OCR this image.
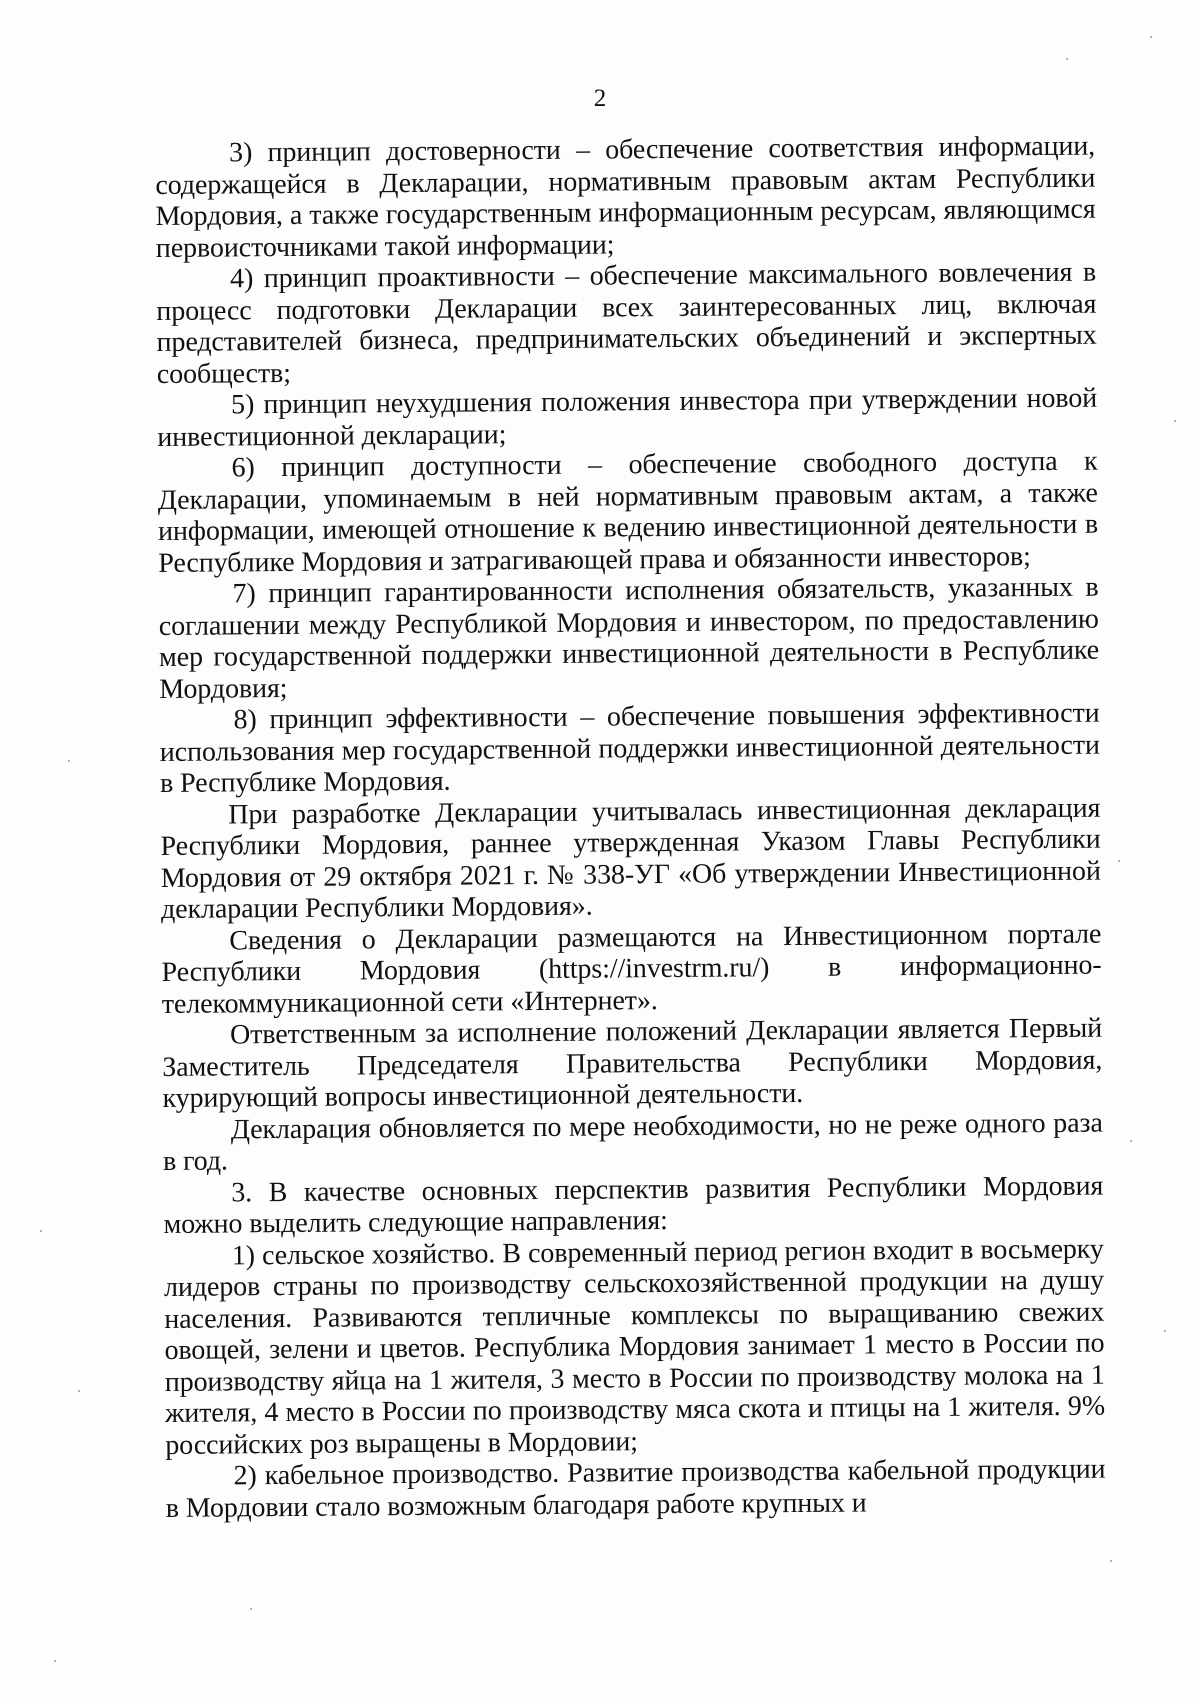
2

3) принцип достоверности – обеспечение соответствия информации, содержащейся в Декларации, нормативным правовым актам Республики Мордовия, а также государственным информационным ресурсам, являющимся первоисточниками такой информации;

4) принцип проактивности – обеспечение максимального вовлечения в процесс подготовки Декларации всех заинтересованных лиц, включая представителей бизнеса, предпринимательских объединений и экспертных сообществ;

5) принцип неухудшения положения инвестора при утверждении новой инвестиционной декларации;

6) принцип доступности – обеспечение свободного доступа к Декларации, упоминаемым в ней нормативным правовым актам, а также информации, имеющей отношение к ведению инвестиционной деятельности в Республике Мордовия и затрагивающей права и обязанности инвесторов;

7) принцип гарантированности исполнения обязательств, указанных в соглашении между Республикой Мордовия и инвестором, по предоставлению мер государственной поддержки инвестиционной деятельности в Республике Мордовия;

8) принцип эффективности – обеспечение повышения эффективности использования мер государственной поддержки инвестиционной деятельности в Республике Мордовия.

При разработке Декларации учитывалась инвестиционная декларация Республики Мордовия, раннее утвержденная Указом Главы Республики Мордовия от 29 октября 2021 г. № 338-УГ «Об утверждении Инвестиционной декларации Республики Мордовия».

Сведения о Декларации размещаются на Инвестиционном портале Республики Мордовия (https://investrm.ru/) в информационно-телекоммуникационной сети «Интернет».

Ответственным за исполнение положений Декларации является Первый Заместитель Председателя Правительства Республики Мордовия, курирующий вопросы инвестиционной деятельности.

Декларация обновляется по мере необходимости, но не реже одного раза в год.

3. В качестве основных перспектив развития Республики Мордовия можно выделить следующие направления:

1) сельское хозяйство. В современный период регион входит в восьмерку лидеров страны по производству сельскохозяйственной продукции на душу населения. Развиваются тепличные комплексы по выращиванию свежих овощей, зелени и цветов. Республика Мордовия занимает 1 место в России по производству яйца на 1 жителя, 3 место в России по производству молока на 1 жителя, 4 место в России по производству мяса скота и птицы на 1 жителя. 9% российских роз выращены в Мордовии;

2) кабельное производство. Развитие производства кабельной продукции в Мордовии стало возможным благодаря работе крупных и
